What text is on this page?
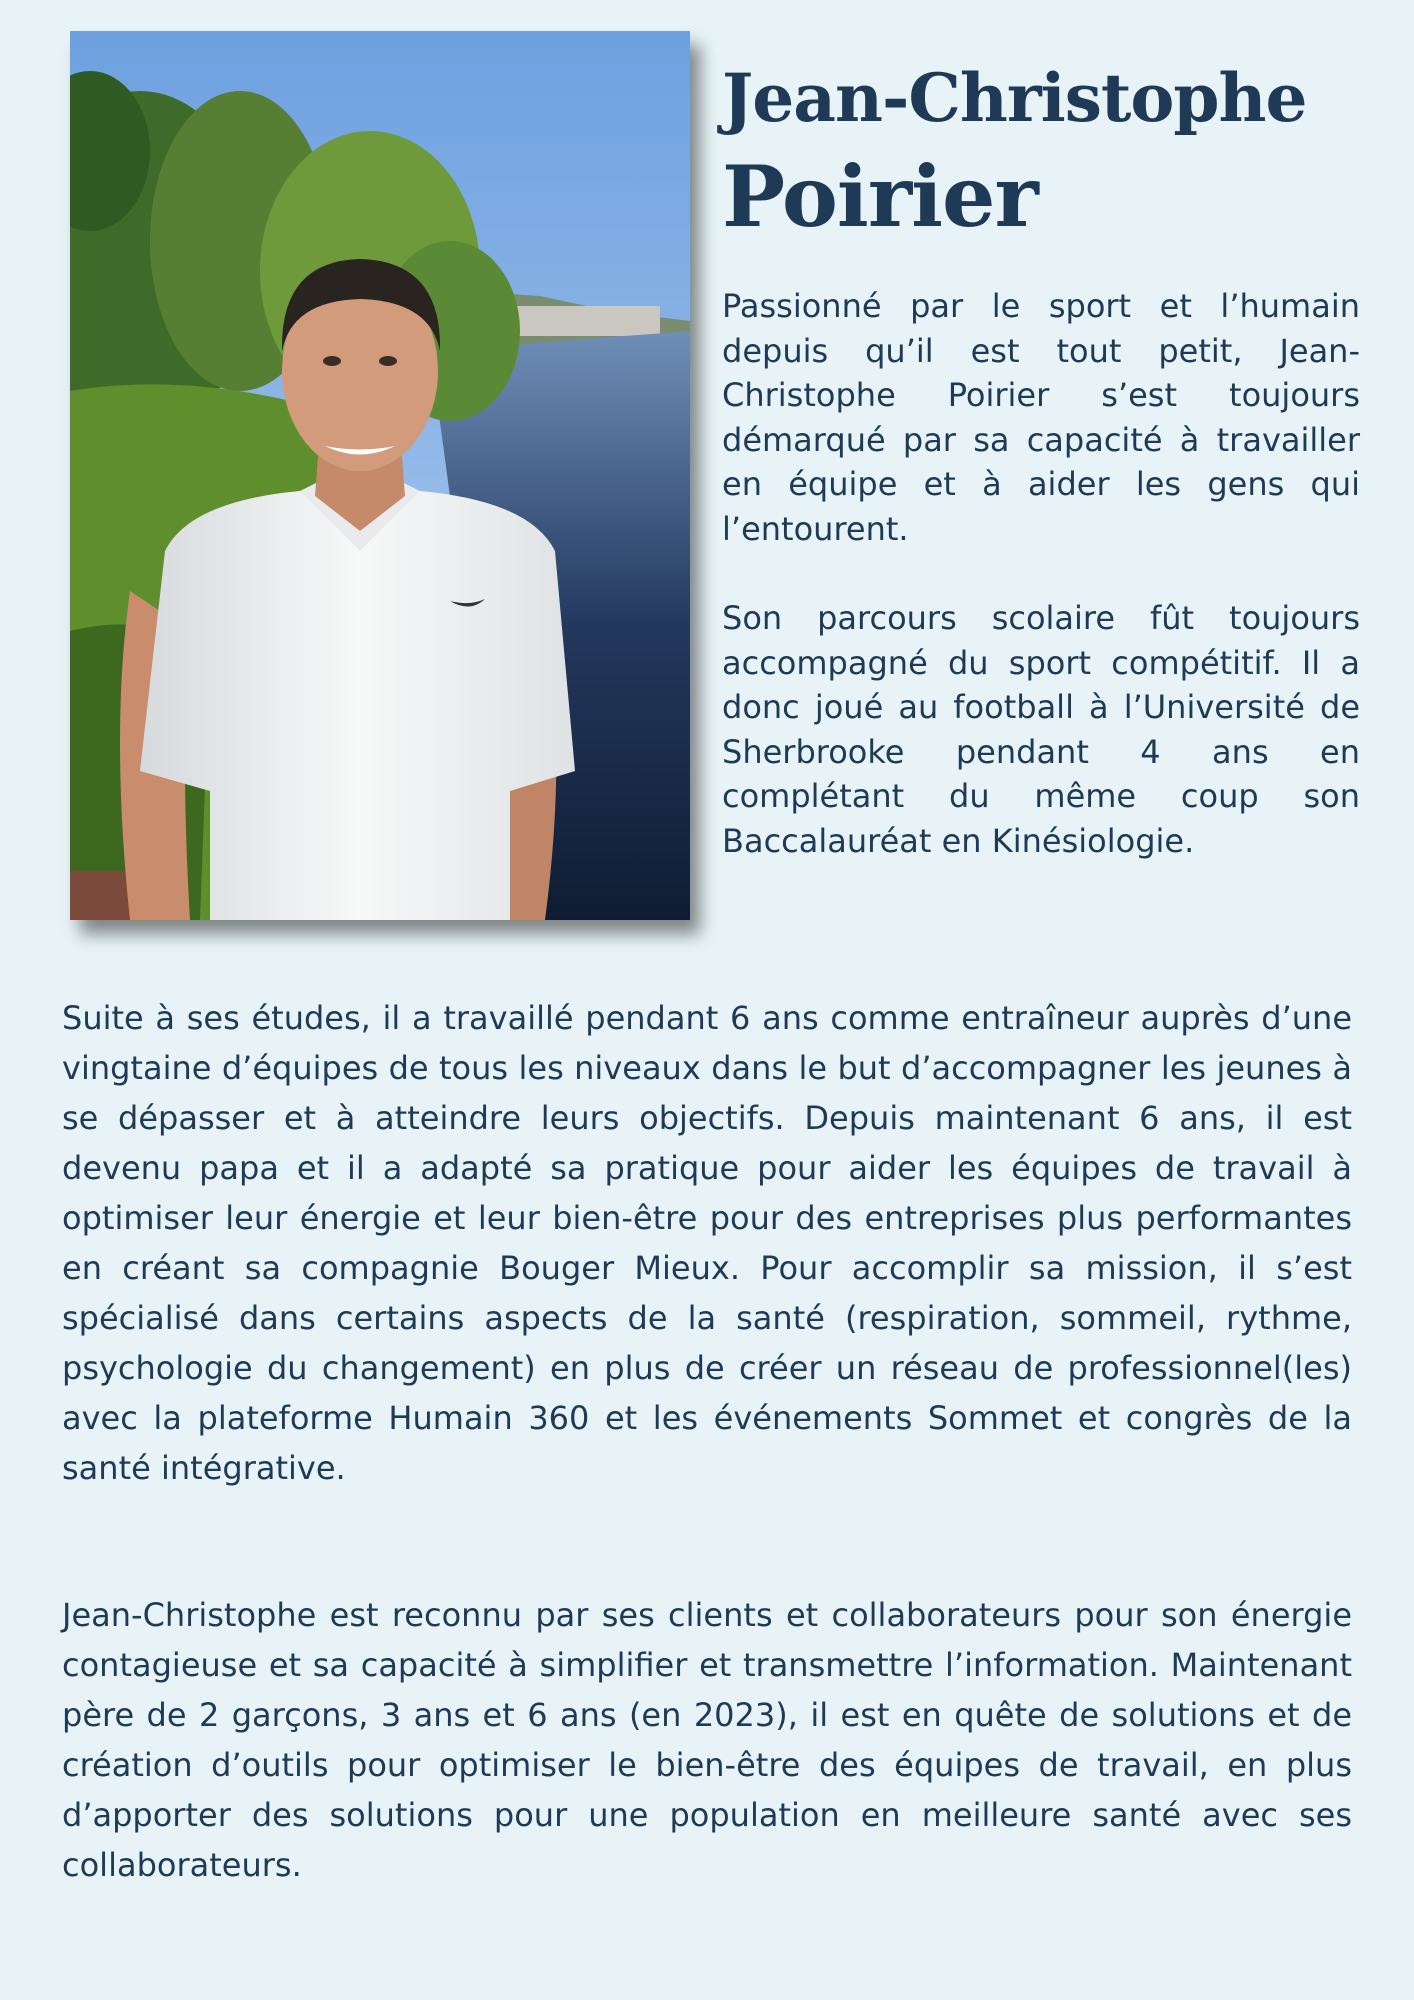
Jean-Christophe
Poirier

Passionné par le sport et l’humain depuis qu’il est tout petit, Jean-Christophe Poirier s’est toujours démarqué par sa capacité à travailler en équipe et à aider les gens qui l’entourent.

Son parcours scolaire fût toujours accompagné du sport compétitif. Il a donc joué au football à l’Université de Sherbrooke pendant 4 ans en complétant du même coup son Baccalauréat en Kinésiologie.

Suite à ses études, il a travaillé pendant 6 ans comme entraîneur auprès d’une vingtaine d’équipes de tous les niveaux dans le but d’accompagner les jeunes à se dépasser et à atteindre leurs objectifs. Depuis maintenant 6 ans, il est devenu papa et il a adapté sa pratique pour aider les équipes de travail à optimiser leur énergie et leur bien-être pour des entreprises plus performantes en créant sa compagnie Bouger Mieux. Pour accomplir sa mission, il s’est spécialisé dans certains aspects de la santé (respiration, sommeil, rythme, psychologie du changement) en plus de créer un réseau de professionnel(les) avec la plateforme Humain 360 et les événements Sommet et congrès de la santé intégrative.

Jean-Christophe est reconnu par ses clients et collaborateurs pour son énergie contagieuse et sa capacité à simplifier et transmettre l’information. Maintenant père de 2 garçons, 3 ans et 6 ans (en 2023), il est en quête de solutions et de création d’outils pour optimiser le bien-être des équipes de travail, en plus d’apporter des solutions pour une population en meilleure santé avec ses collaborateurs.
